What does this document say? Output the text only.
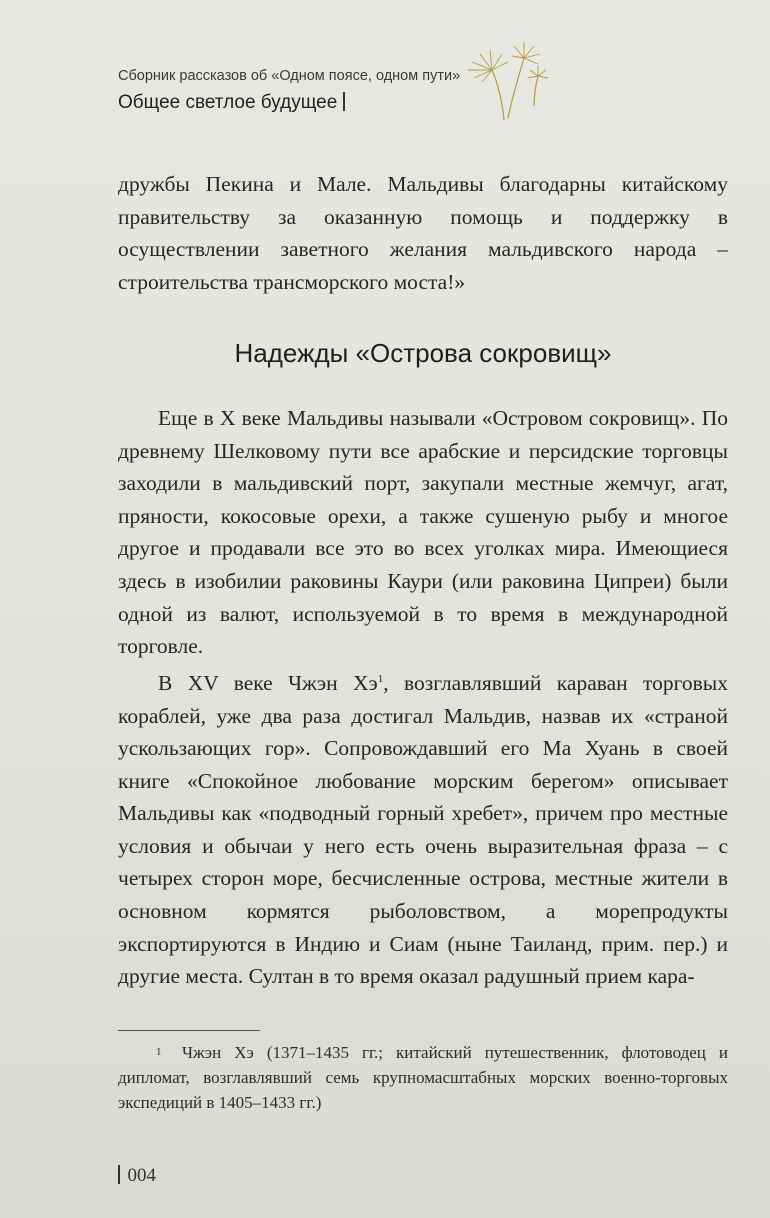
Сборник рассказов об «Одном поясе, одном пути»
Общее светлое будущее

дружбы Пекина и Мале. Мальдивы благодарны китайскому правительству за оказанную помощь и поддержку в осуществлении заветного желания мальдивского народа – строительства трансморского моста!»

Надежды «Острова сокровищ»

Еще в X веке Мальдивы называли «Островом сокровищ». По древнему Шелковому пути все арабские и персидские торговцы заходили в мальдивский порт, закупали местные жемчуг, агат, пряности, кокосовые орехи, а также сушеную рыбу и многое другое и продавали все это во всех уголках мира. Имеющиеся здесь в изобилии раковины Каури (или раковина Ципреи) были одной из валют, используемой в то время в международной торговле.

В XV веке Чжэн $Хэ^1$, возглавлявший караван торговых кораблей, уже два раза достигал Мальдив, назвав их «страной ускользающих гор». Сопровождавший его Ма Хуань в своей книге «Спокойное любование морским берегом» описывает Мальдивы как «подводный горный хребет», причем про местные условия и обычаи у него есть очень выразительная фраза – с четырех сторон море, бесчисленные острова, местные жители в основном кормятся рыболовством, а морепродукты экспортируются в Индию и Сиам (ныне Таиланд, прим. пер.) и другие места. Султан в то время оказал радушный прием кара-

$^1$ Чжэн Хэ (1371–1435 гг.; китайский путешественник, флотоводец и дипломат, возглавлявший семь крупномасштабных морских военно-торговых экспедиций в 1405–1433 гг.)
004
